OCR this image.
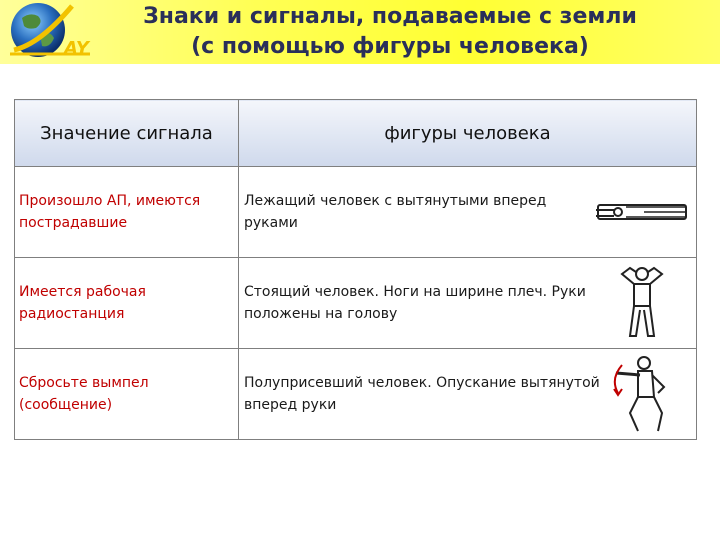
AY
Знаки и сигналы, подаваемые с земли
(с помощью фигуры человека)
Значение сигнала	фигуры человека
Произошло АП, имеются пострадавшие	Лежащий человек с вытянутыми вперед руками

Имеется рабочая радиостанция	Стоящий человек. Ноги на ширине плеч. Руки положены на голову

Сбросьте вымпел (сообщение)	Полуприсевший человек. Опускание вытянутой вперед руки
